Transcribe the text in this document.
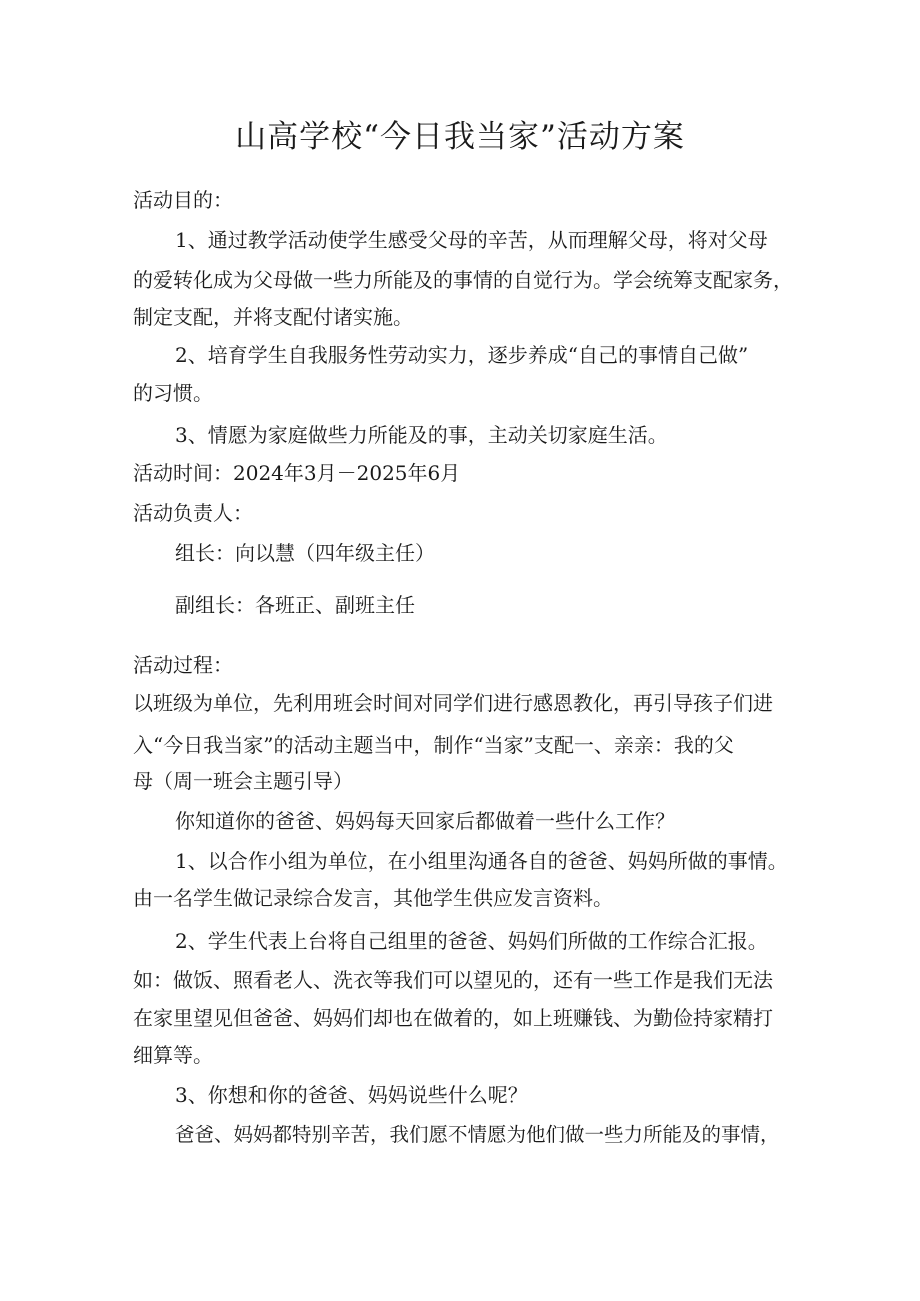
山高学校“今日我当家”活动方案
活动目的：
1、通过教学活动使学生感受父母的辛苦，从而理解父母，将对父母
的爱转化成为父母做一些力所能及的事情的自觉行为。学会统筹支配家务，
制定支配，并将支配付诸实施。
2、培育学生自我服务性劳动实力，逐步养成“自己的事情自己做”
的习惯。
3、情愿为家庭做些力所能及的事，主动关切家庭生活。
活动时间：2024年3月－2025年6月
活动负责人：
组长：向以慧（四年级主任）
副组长：各班正、副班主任
活动过程：
以班级为单位，先利用班会时间对同学们进行感恩教化，再引导孩子们进
入“今日我当家”的活动主题当中，制作“当家”支配一、亲亲：我的父
母（周一班会主题引导）
你知道你的爸爸、妈妈每天回家后都做着一些什么工作？
1、以合作小组为单位，在小组里沟通各自的爸爸、妈妈所做的事情。
由一名学生做记录综合发言，其他学生供应发言资料。
2、学生代表上台将自己组里的爸爸、妈妈们所做的工作综合汇报。
如：做饭、照看老人、洗衣等我们可以望见的，还有一些工作是我们无法
在家里望见但爸爸、妈妈们却也在做着的，如上班赚钱、为勤俭持家精打
细算等。
3、你想和你的爸爸、妈妈说些什么呢？
爸爸、妈妈都特别辛苦，我们愿不情愿为他们做一些力所能及的事情，
